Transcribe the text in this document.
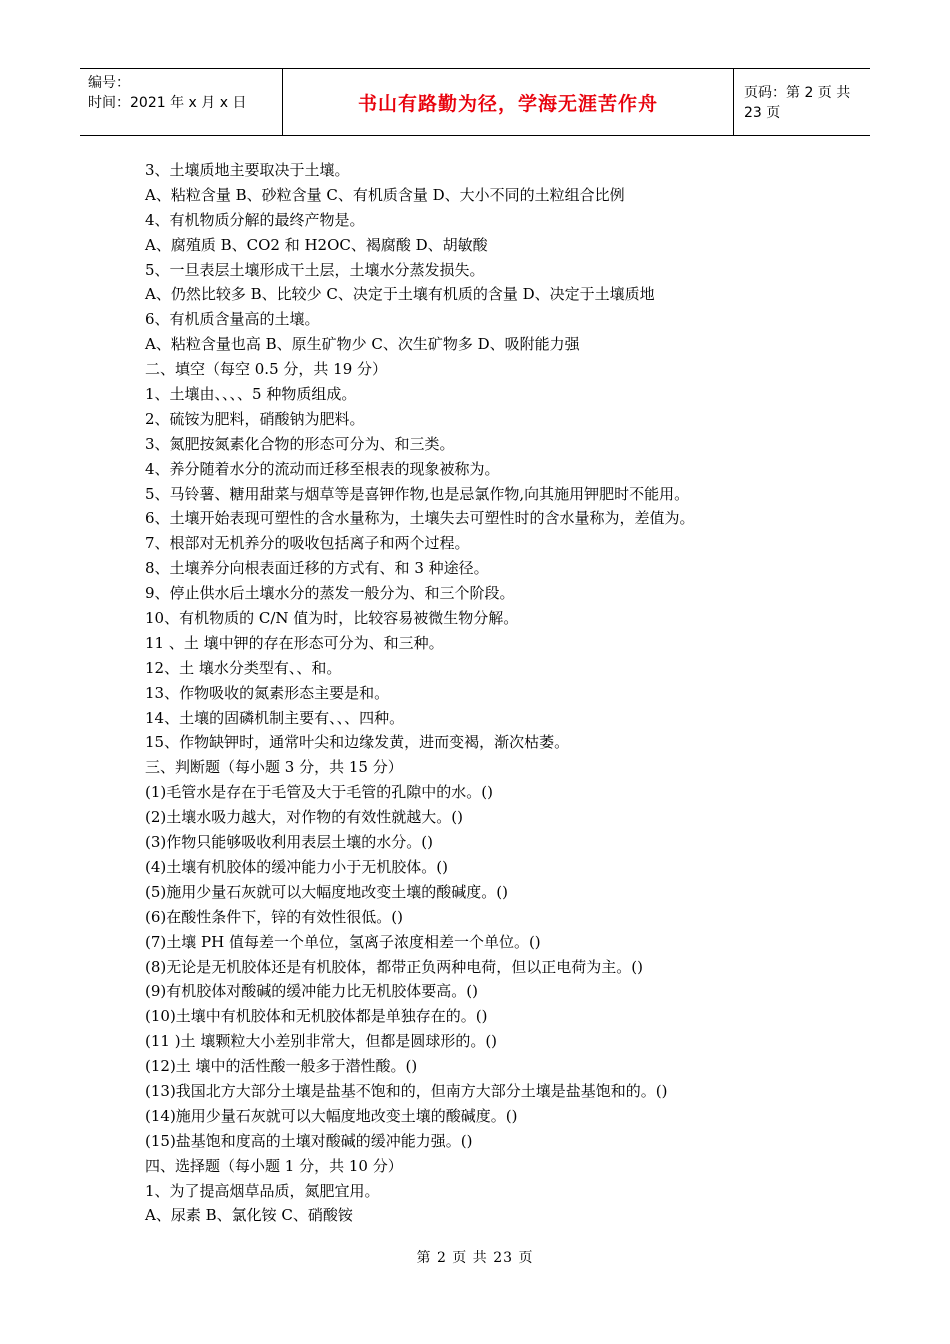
编号：
时间：2021 年 x 月 x 日	书山有路勤为径，学海无涯苦作舟	页码：第 2 页 共 23 页
3、土壤质地主要取决于土壤。
A、粘粒含量 B、砂粒含量 C、有机质含量 D、大小不同的土粒组合比例
4、有机物质分解的最终产物是。
A、腐殖质 B、CO2 和 H2OC、褐腐酸 D、胡敏酸
5、一旦表层土壤形成干土层，土壤水分蒸发损失。
A、仍然比较多 B、比较少 C、决定于土壤有机质的含量 D、决定于土壤质地
6、有机质含量高的土壤。
A、粘粒含量也高 B、原生矿物少 C、次生矿物多 D、吸附能力强
二、填空（每空 0.5 分，共 19 分）
1、土壤由、、、、5 种物质组成。
2、硫铵为肥料，硝酸钠为肥料。
3、氮肥按氮素化合物的形态可分为、和三类。
4、养分随着水分的流动而迁移至根表的现象被称为。
5、马铃薯、糖用甜菜与烟草等是喜钾作物,也是忌氯作物,向其施用钾肥时不能用。
6、土壤开始表现可塑性的含水量称为，土壤失去可塑性时的含水量称为，差值为。
7、根部对无机养分的吸收包括离子和两个过程。
8、土壤养分向根表面迁移的方式有、和 3 种途径。
9、停止供水后土壤水分的蒸发一般分为、和三个阶段。
10、有机物质的 C/N 值为时，比较容易被微生物分解。
11 、土 壤中钾的存在形态可分为、和三种。
12、土 壤水分类型有、、和。
13、作物吸收的氮素形态主要是和。
14、土壤的固磷机制主要有、、、四种。
15、作物缺钾时，通常叶尖和边缘发黄，进而变褐，渐次枯萎。
三、判断题（每小题 3 分，共 15 分）
(1)毛管水是存在于毛管及大于毛管的孔隙中的水。()
(2)土壤水吸力越大，对作物的有效性就越大。()
(3)作物只能够吸收利用表层土壤的水分。()
(4)土壤有机胶体的缓冲能力小于无机胶体。()
(5)施用少量石灰就可以大幅度地改变土壤的酸碱度。()
(6)在酸性条件下，锌的有效性很低。()
(7)土壤 PH 值每差一个单位，氢离子浓度相差一个单位。()
(8)无论是无机胶体还是有机胶体，都带正负两种电荷，但以正电荷为主。()
(9)有机胶体对酸碱的缓冲能力比无机胶体要高。()
(10)土壤中有机胶体和无机胶体都是单独存在的。()
(11 )土 壤颗粒大小差别非常大，但都是圆球形的。()
(12)土 壤中的活性酸一般多于潜性酸。()
(13)我国北方大部分土壤是盐基不饱和的，但南方大部分土壤是盐基饱和的。()
(14)施用少量石灰就可以大幅度地改变土壤的酸碱度。()
(15)盐基饱和度高的土壤对酸碱的缓冲能力强。()
四、选择题（每小题 1 分，共 10 分）
1、为了提高烟草品质，氮肥宜用。
A、尿素 B、氯化铵 C、硝酸铵
第 2 页 共 23 页
